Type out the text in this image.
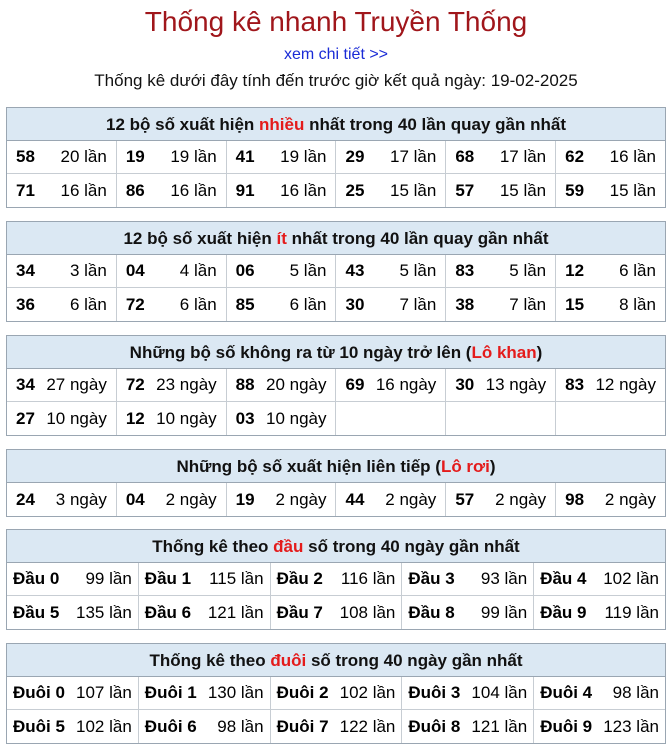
Thống kê nhanh Truyền Thống
xem chi tiết >>
Thống kê dưới đây tính đến trước giờ kết quả ngày: 19-02-2025
12 bộ số xuất hiện nhiều nhất trong 40 lần quay gần nhất
58 20 lần 19 19 lần 41 19 lần 29 17 lần 68 17 lần 62 16 lần
71 16 lần 86 16 lần 91 16 lần 25 15 lần 57 15 lần 59 15 lần
12 bộ số xuất hiện ít nhất trong 40 lần quay gần nhất
34 3 lần 04 4 lần 06 5 lần 43 5 lần 83 5 lần 12 6 lần
36 6 lần 72 6 lần 85 6 lần 30 7 lần 38 7 lần 15 8 lần
Những bộ số không ra từ 10 ngày trở lên (Lô khan)
34 27 ngày 72 23 ngày 88 20 ngày 69 16 ngày 30 13 ngày 83 12 ngày
27 10 ngày 12 10 ngày 03 10 ngày
Những bộ số xuất hiện liên tiếp (Lô rơi)
24 3 ngày 04 2 ngày 19 2 ngày 44 2 ngày 57 2 ngày 98 2 ngày
Thống kê theo đầu số trong 40 ngày gần nhất
Đầu 0 99 lần Đầu 1 115 lần Đầu 2 116 lần Đầu 3 93 lần Đầu 4 102 lần
Đầu 5 135 lần Đầu 6 121 lần Đầu 7 108 lần Đầu 8 99 lần Đầu 9 119 lần
Thống kê theo đuôi số trong 40 ngày gần nhất
Đuôi 0 107 lần Đuôi 1 130 lần Đuôi 2 102 lần Đuôi 3 104 lần Đuôi 4 98 lần
Đuôi 5 102 lần Đuôi 6 98 lần Đuôi 7 122 lần Đuôi 8 121 lần Đuôi 9 123 lần
